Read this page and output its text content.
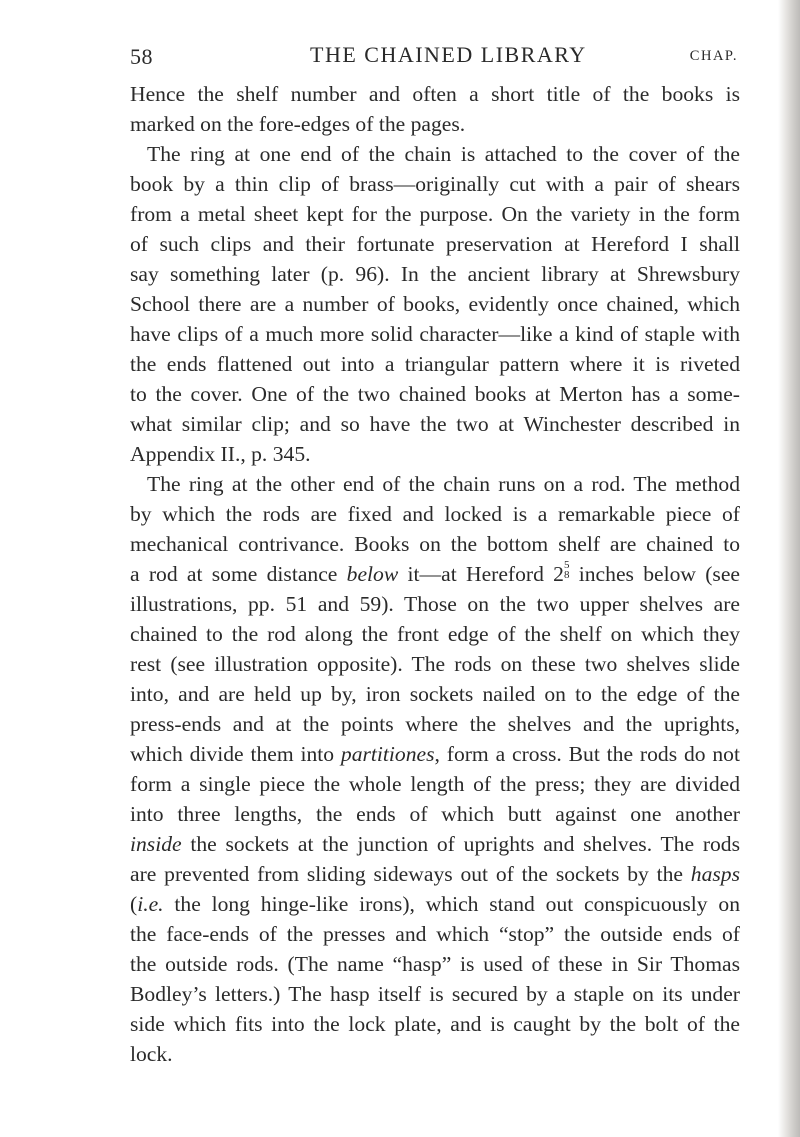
58	THE CHAINED LIBRARY	CHAP.
Hence the shelf number and often a short title of the books is
marked on the fore-edges of the pages.
The ring at one end of the chain is attached to the cover of the
book by a thin clip of brass—originally cut with a pair of shears
from a metal sheet kept for the purpose. On the variety in the form
of such clips and their fortunate preservation at Hereford I shall
say something later (p. 96). In the ancient library at Shrewsbury
School there are a number of books, evidently once chained, which
have clips of a much more solid character—like a kind of staple with
the ends flattened out into a triangular pattern where it is riveted
to the cover. One of the two chained books at Merton has a some-
what similar clip; and so have the two at Winchester described in
Appendix II., p. 345.
The ring at the other end of the chain runs on a rod. The method
by which the rods are fixed and locked is a remarkable piece of
mechanical contrivance. Books on the bottom shelf are chained to
a rod at some distance below it—at Hereford 2 5
8 inches below (see
illustrations, pp. 51 and 59). Those on the two upper shelves are
chained to the rod along the front edge of the shelf on which they
rest (see illustration opposite). The rods on these two shelves slide
into, and are held up by, iron sockets nailed on to the edge of the
press-ends and at the points where the shelves and the uprights,
which divide them into partitiones, form a cross. But the rods do not
form a single piece the whole length of the press; they are divided
into three lengths, the ends of which butt against one another
inside the sockets at the junction of uprights and shelves. The rods
are prevented from sliding sideways out of the sockets by the hasps
(i.e. the long hinge-like irons), which stand out conspicuously on
the face-ends of the presses and which “stop” the outside ends of
the outside rods. (The name “hasp” is used of these in Sir Thomas
Bodley’s letters.) The hasp itself is secured by a staple on its under
side which fits into the lock plate, and is caught by the bolt of the
lock.
